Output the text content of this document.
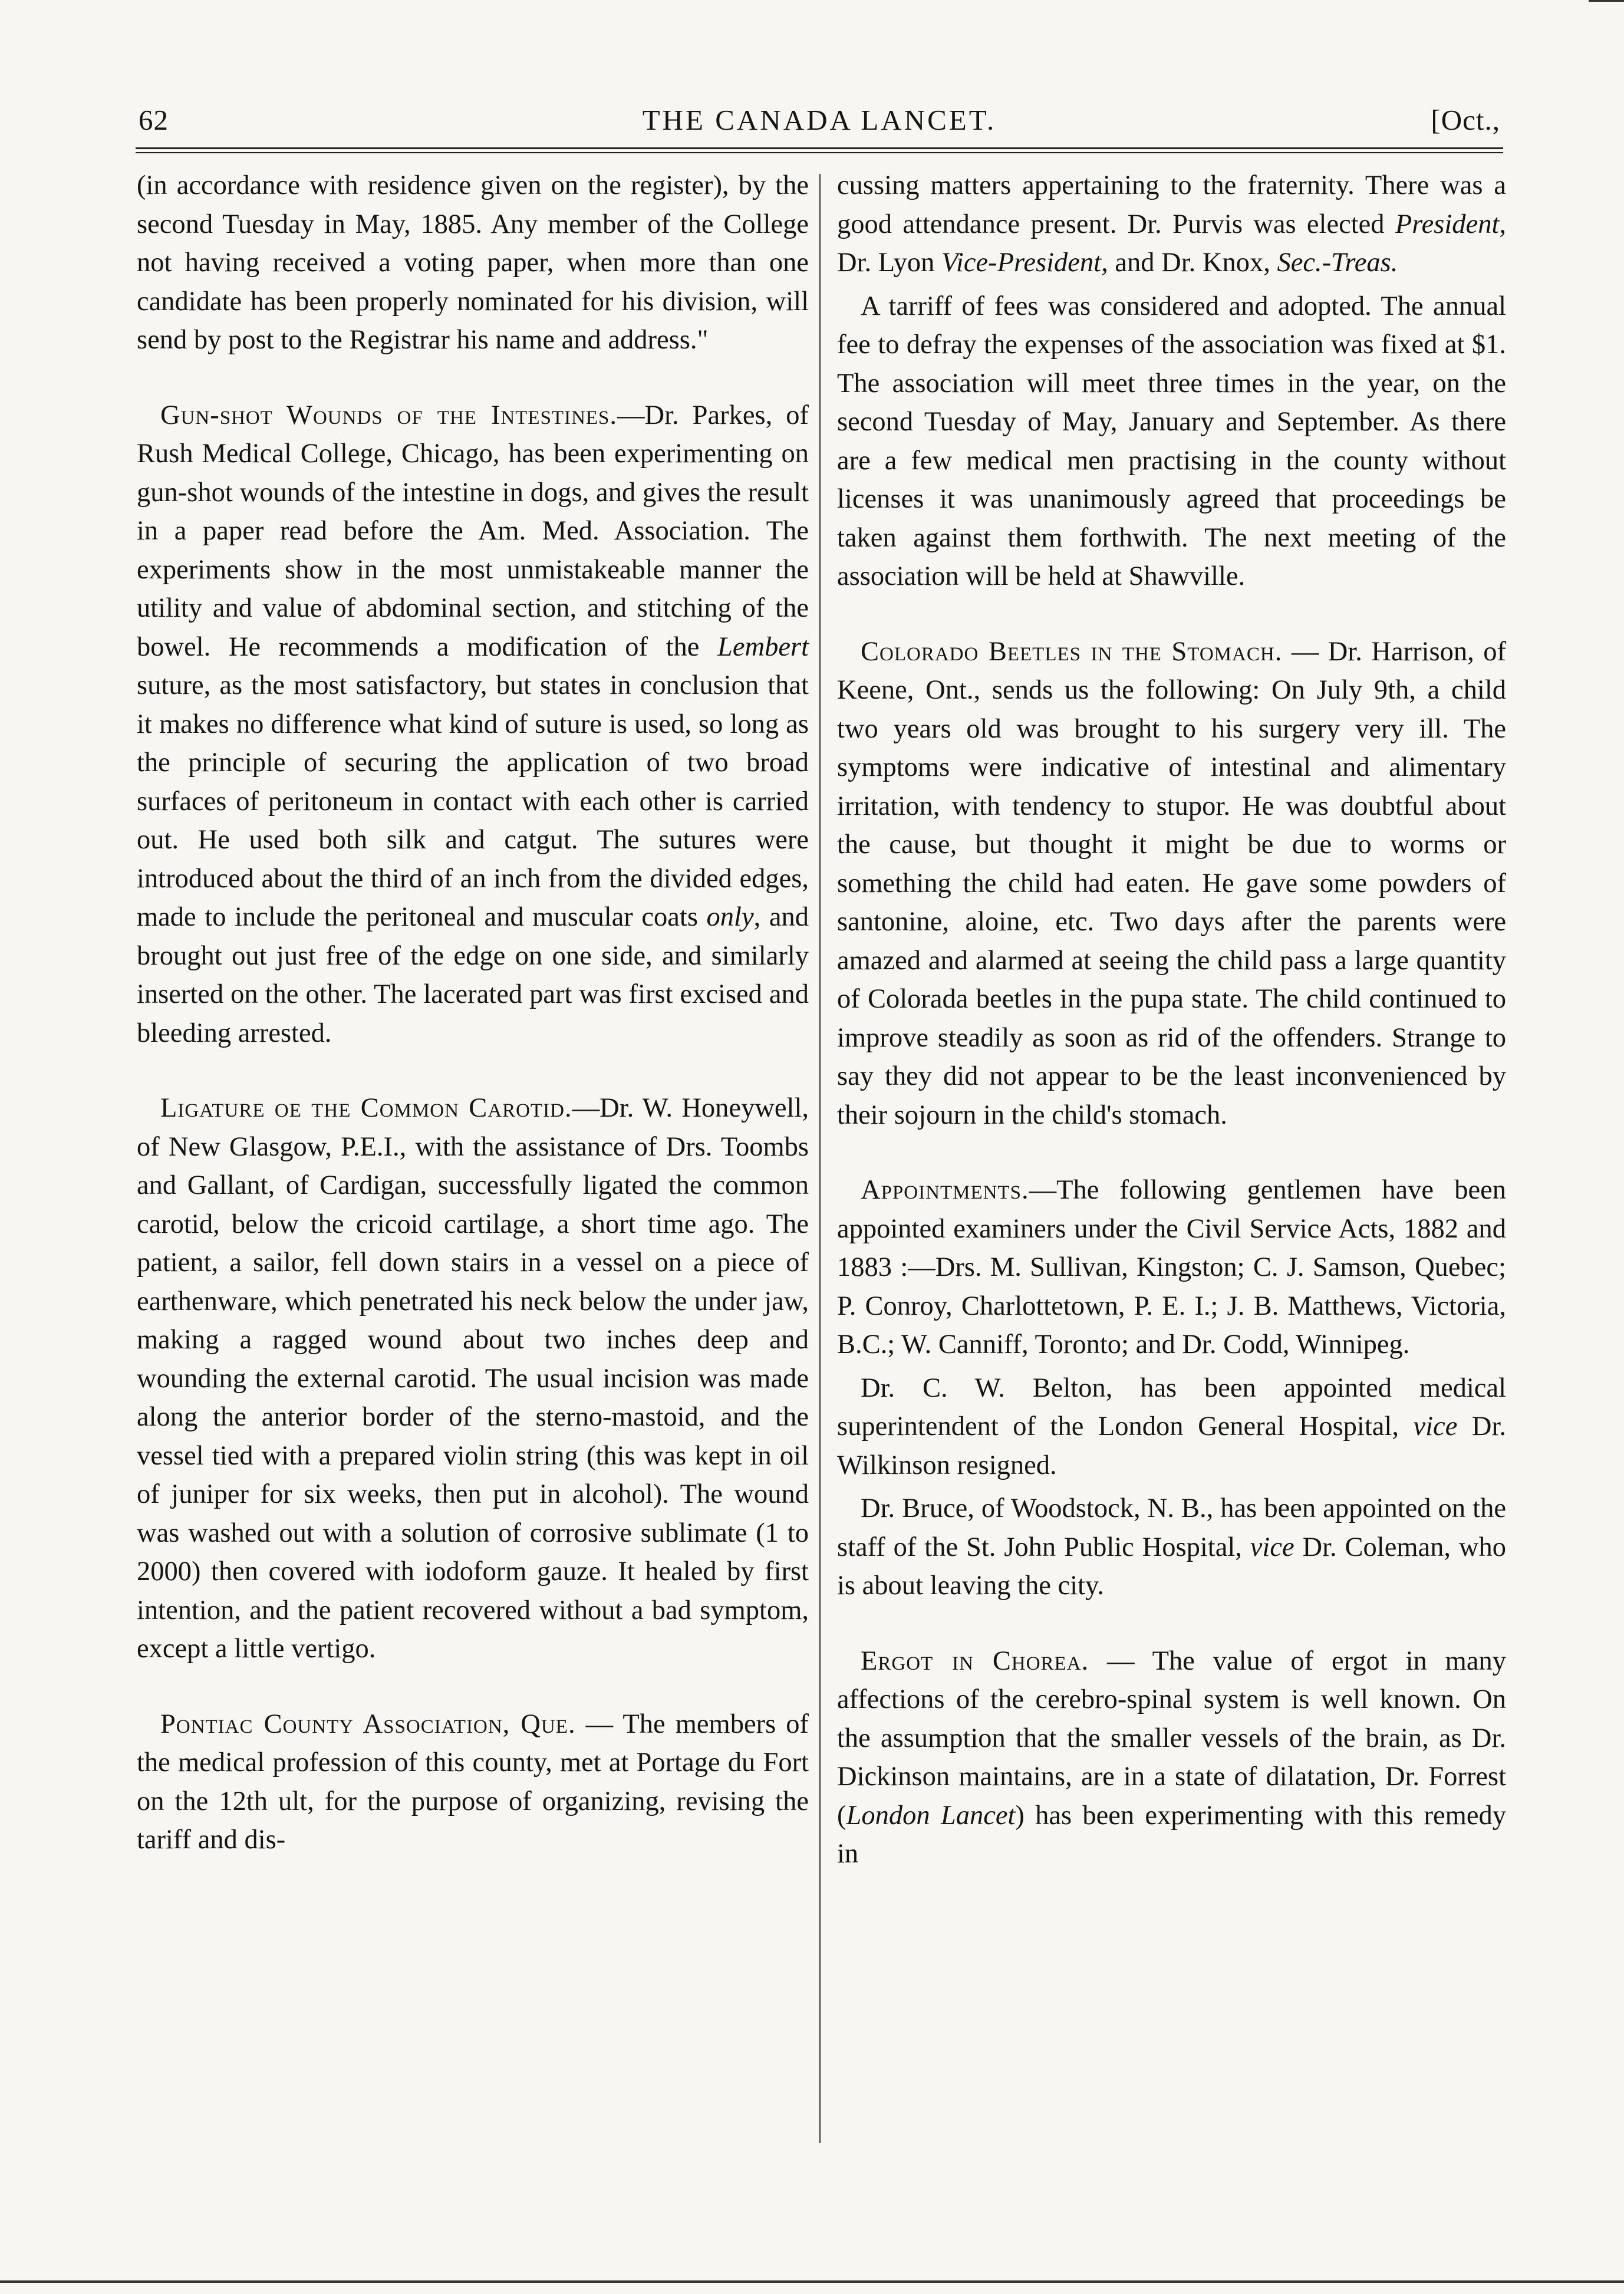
62	THE CANADA LANCET.	[Oct.,

(in accordance with residence given on the register), by the second Tuesday in May, 1885. Any member of the College not having received a voting paper, when more than one candidate has been properly nominated for his division, will send by post to the Registrar his name and address."

Gun-shot Wounds of the Intestines.—Dr. Parkes, of Rush Medical College, Chicago, has been experimenting on gun-shot wounds of the intestine in dogs, and gives the result in a paper read before the Am. Med. Association. The experiments show in the most unmistakeable manner the utility and value of abdominal section, and stitching of the bowel. He recommends a modification of the Lembert suture, as the most satisfactory, but states in conclusion that it makes no difference what kind of suture is used, so long as the principle of securing the application of two broad surfaces of peritoneum in contact with each other is carried out. He used both silk and catgut. The sutures were introduced about the third of an inch from the divided edges, made to include the peritoneal and muscular coats only, and brought out just free of the edge on one side, and similarly inserted on the other. The lacerated part was first excised and bleeding arrested.

Ligature oe the Common Carotid.—Dr. W. Honeywell, of New Glasgow, P.E.I., with the assistance of Drs. Toombs and Gallant, of Cardigan, successfully ligated the common carotid, below the cricoid cartilage, a short time ago. The patient, a sailor, fell down stairs in a vessel on a piece of earthenware, which penetrated his neck below the under jaw, making a ragged wound about two inches deep and wounding the external carotid. The usual incision was made along the anterior border of the sterno-mastoid, and the vessel tied with a prepared violin string (this was kept in oil of juniper for six weeks, then put in alcohol). The wound was washed out with a solution of corrosive sublimate (1 to 2000) then covered with iodoform gauze. It healed by first intention, and the patient recovered without a bad symptom, except a little vertigo.

Pontiac County Association, Que. — The members of the medical profession of this county, met at Portage du Fort on the 12th ult, for the purpose of organizing, revising the tariff and dis-

cussing matters appertaining to the fraternity. There was a good attendance present. Dr. Purvis was elected President, Dr. Lyon Vice-President, and Dr. Knox, Sec.-Treas.

A tarriff of fees was considered and adopted. The annual fee to defray the expenses of the association was fixed at $1. The association will meet three times in the year, on the second Tuesday of May, January and September. As there are a few medical men practising in the county without licenses it was unanimously agreed that proceedings be taken against them forthwith. The next meeting of the association will be held at Shawville.

Colorado Beetles in the Stomach. — Dr. Harrison, of Keene, Ont., sends us the following: On July 9th, a child two years old was brought to his surgery very ill. The symptoms were indicative of intestinal and alimentary irritation, with tendency to stupor. He was doubtful about the cause, but thought it might be due to worms or something the child had eaten. He gave some powders of santonine, aloine, etc. Two days after the parents were amazed and alarmed at seeing the child pass a large quantity of Colorada beetles in the pupa state. The child continued to improve steadily as soon as rid of the offenders. Strange to say they did not appear to be the least inconvenienced by their sojourn in the child's stomach.

Appointments.—The following gentlemen have been appointed examiners under the Civil Service Acts, 1882 and 1883 :—Drs. M. Sullivan, Kingston; C. J. Samson, Quebec; P. Conroy, Charlottetown, P. E. I.; J. B. Matthews, Victoria, B.C.; W. Canniff, Toronto; and Dr. Codd, Winnipeg.

Dr. C. W. Belton, has been appointed medical superintendent of the London General Hospital, vice Dr. Wilkinson resigned.

Dr. Bruce, of Woodstock, N. B., has been appointed on the staff of the St. John Public Hospital, vice Dr. Coleman, who is about leaving the city.

Ergot in Chorea. — The value of ergot in many affections of the cerebro-spinal system is well known. On the assumption that the smaller vessels of the brain, as Dr. Dickinson maintains, are in a state of dilatation, Dr. Forrest (London Lancet) has been experimenting with this remedy in
